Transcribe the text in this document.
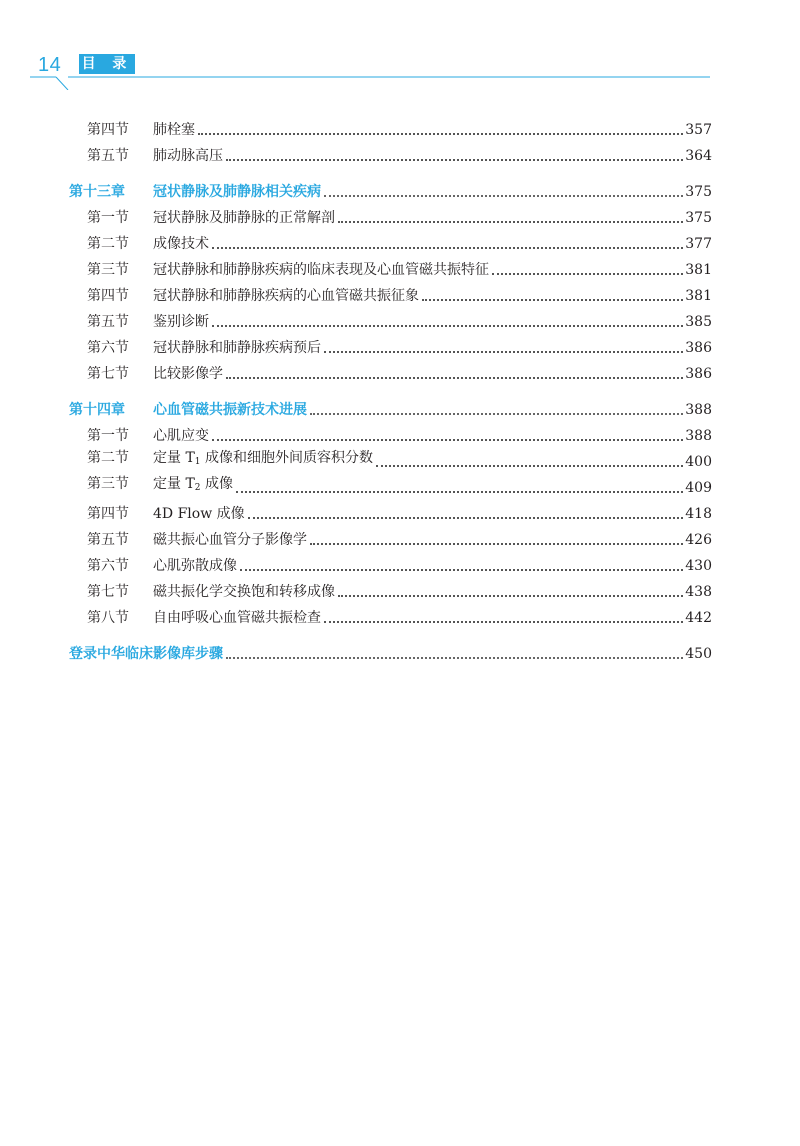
14 目 录
第四节 肺栓塞	357
第五节 肺动脉高压	364
第十三章 冠状静脉及肺静脉相关疾病	375
第一节 冠状静脉及肺静脉的正常解剖	375
第二节 成像技术	377
第三节 冠状静脉和肺静脉疾病的临床表现及心血管磁共振特征	381
第四节 冠状静脉和肺静脉疾病的心血管磁共振征象	381
第五节 鉴别诊断	385
第六节 冠状静脉和肺静脉疾病预后	386
第七节 比较影像学	386
第十四章 心血管磁共振新技术进展	388
第一节 心肌应变	388
第二节 定量 $T_1$ 成像和细胞外间质容积分数	400
第三节 定量 $T_2$ 成像	409
第四节 4D Flow 成像	418
第五节 磁共振心血管分子影像学	426
第六节 心肌弥散成像	430
第七节 磁共振化学交换饱和转移成像	438
第八节 自由呼吸心血管磁共振检查	442
登录中华临床影像库步骤	450
